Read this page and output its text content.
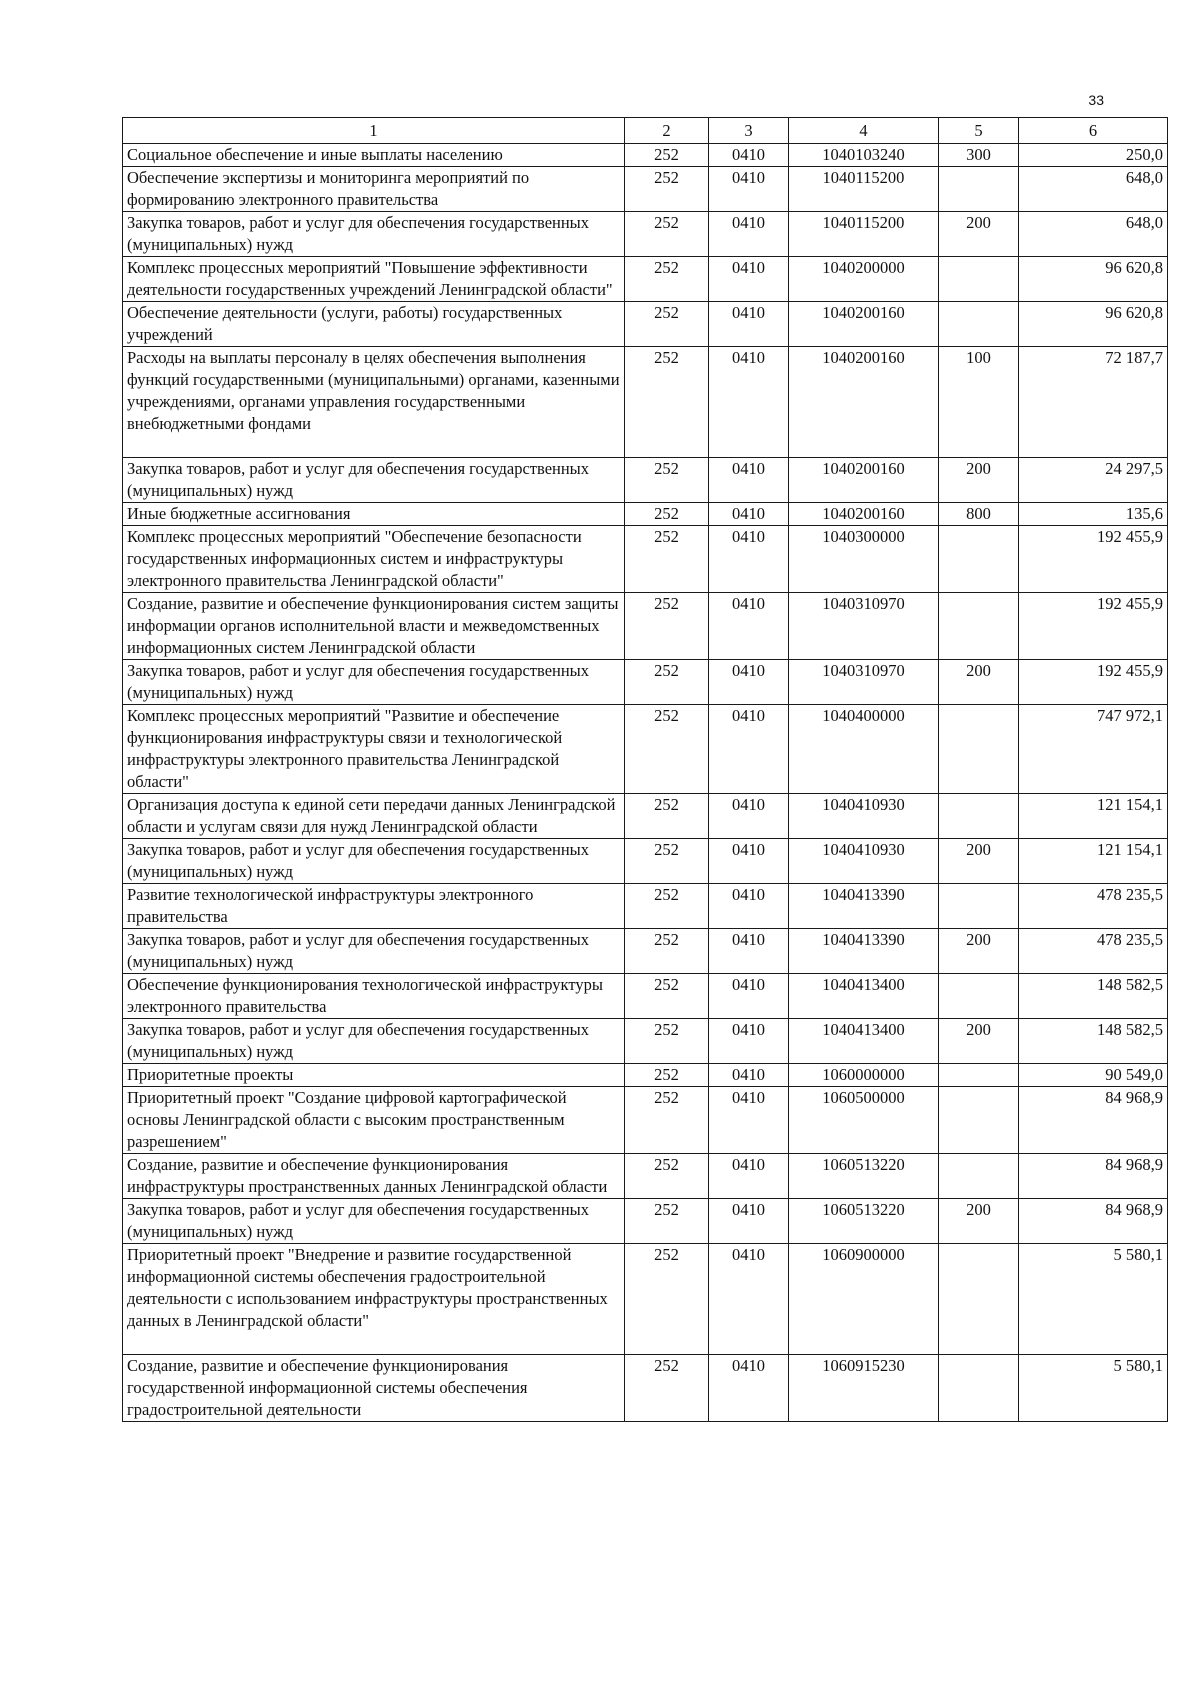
33
1	2	3	4	5	6
Социальное обеспечение и иные выплаты населению	252	0410	1040103240	300	250,0
Обеспечение экспертизы и мониторинга мероприятий по формированию электронного правительства	252	0410	1040115200		648,0
Закупка товаров, работ и услуг для обеспечения государственных (муниципальных) нужд	252	0410	1040115200	200	648,0
Комплекс процессных мероприятий "Повышение эффективности деятельности государственных учреждений Ленинградской области"	252	0410	1040200000		96 620,8
Обеспечение деятельности (услуги, работы) государственных учреждений	252	0410	1040200160		96 620,8
Расходы на выплаты персоналу в целях обеспечения выполнения функций государственными (муниципальными) органами, казенными учреждениями, органами управления государственными внебюджетными фондами	252	0410	1040200160	100	72 187,7
Закупка товаров, работ и услуг для обеспечения государственных (муниципальных) нужд	252	0410	1040200160	200	24 297,5
Иные бюджетные ассигнования	252	0410	1040200160	800	135,6
Комплекс процессных мероприятий "Обеспечение безопасности государственных информационных систем и инфраструктуры электронного правительства Ленинградской области"	252	0410	1040300000		192 455,9
Создание, развитие и обеспечение функционирования систем защиты информации органов исполнительной власти и межведомственных информационных систем Ленинградской области	252	0410	1040310970		192 455,9
Закупка товаров, работ и услуг для обеспечения государственных (муниципальных) нужд	252	0410	1040310970	200	192 455,9
Комплекс процессных мероприятий "Развитие и обеспечение функционирования инфраструктуры связи и технологической инфраструктуры электронного правительства Ленинградской области"	252	0410	1040400000		747 972,1
Организация доступа к единой сети передачи данных Ленинградской области и услугам связи для нужд Ленинградской области	252	0410	1040410930		121 154,1
Закупка товаров, работ и услуг для обеспечения государственных (муниципальных) нужд	252	0410	1040410930	200	121 154,1
Развитие технологической инфраструктуры электронного правительства	252	0410	1040413390		478 235,5
Закупка товаров, работ и услуг для обеспечения государственных (муниципальных) нужд	252	0410	1040413390	200	478 235,5
Обеспечение функционирования технологической инфраструктуры электронного правительства	252	0410	1040413400		148 582,5
Закупка товаров, работ и услуг для обеспечения государственных (муниципальных) нужд	252	0410	1040413400	200	148 582,5
Приоритетные проекты	252	0410	1060000000		90 549,0
Приоритетный проект "Создание цифровой картографической основы Ленинградской области с высоким пространственным разрешением"	252	0410	1060500000		84 968,9
Создание, развитие и обеспечение функционирования инфраструктуры пространственных данных Ленинградской области	252	0410	1060513220		84 968,9
Закупка товаров, работ и услуг для обеспечения государственных (муниципальных) нужд	252	0410	1060513220	200	84 968,9
Приоритетный проект "Внедрение и развитие государственной информационной системы обеспечения градостроительной деятельности с использованием инфраструктуры пространственных данных в Ленинградской области"	252	0410	1060900000		5 580,1
Создание, развитие и обеспечение функционирования государственной информационной системы обеспечения градостроительной деятельности	252	0410	1060915230		5 580,1
